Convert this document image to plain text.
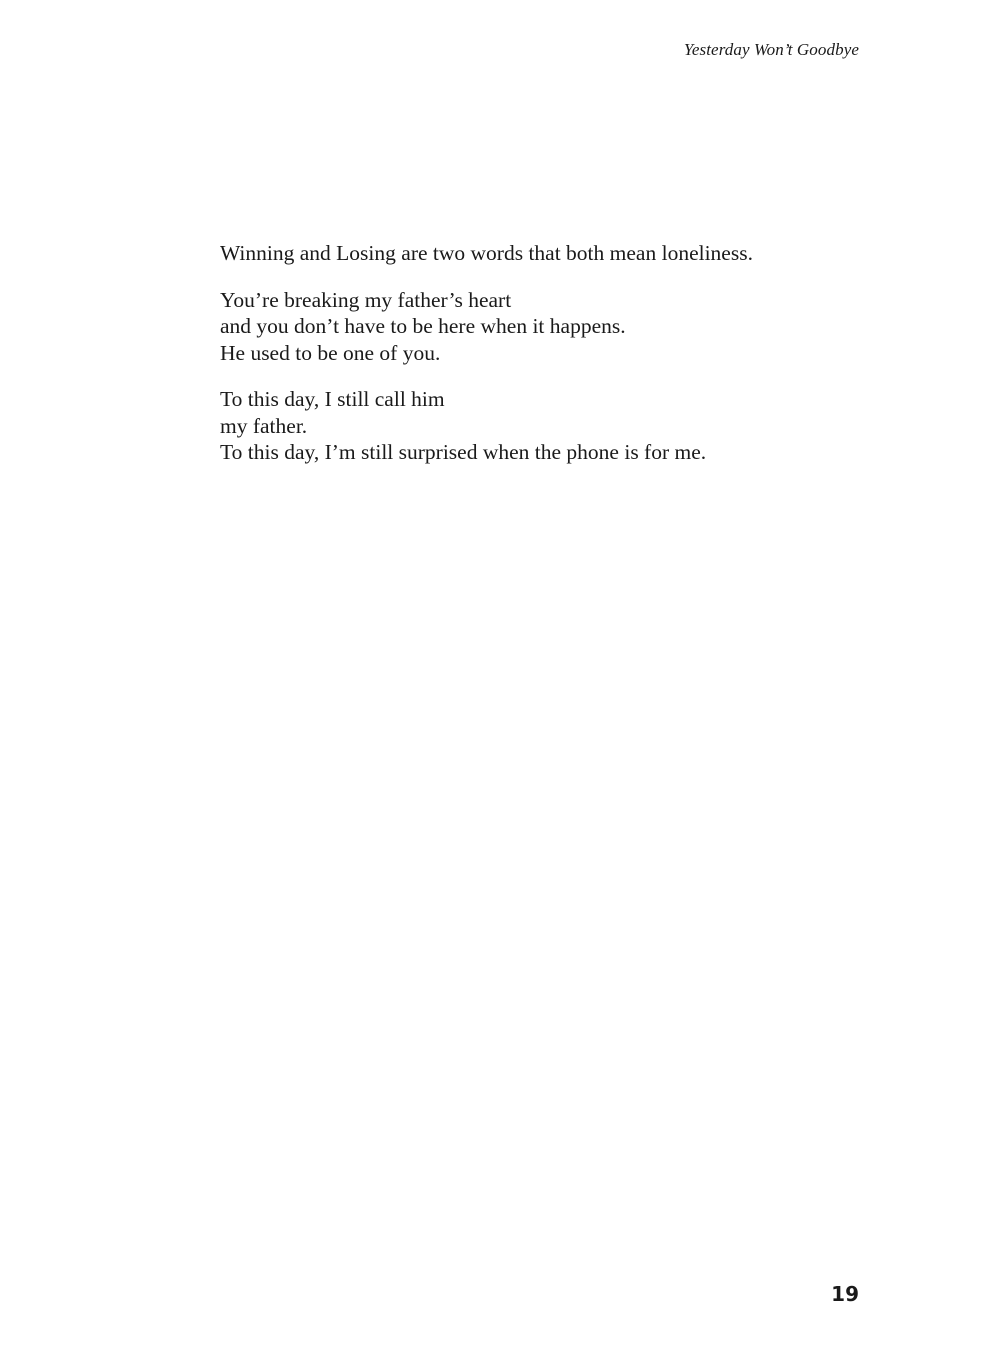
Yesterday Won’t Goodbye

Winning and Losing are two words that both mean loneliness.

You’re breaking my father’s heart
and you don’t have to be here when it happens.
He used to be one of you.

To this day, I still call him
my father.
To this day, I’m still surprised when the phone is for me.

19
